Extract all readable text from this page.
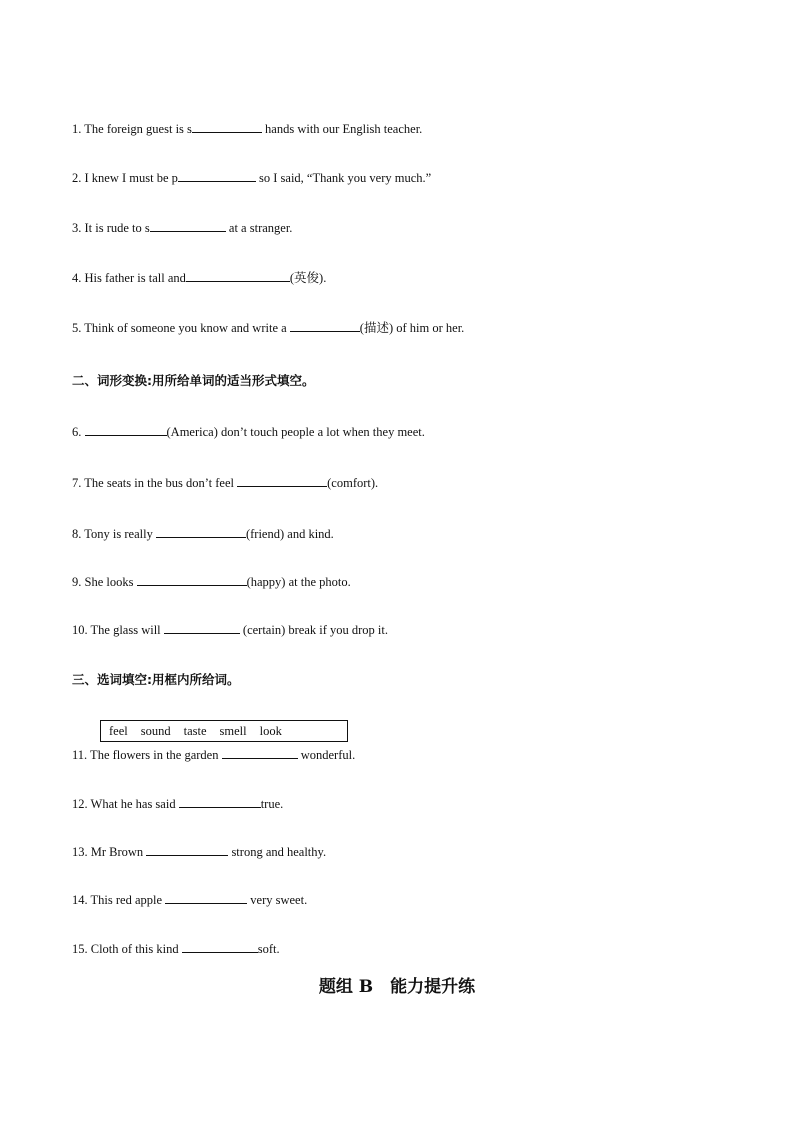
1. The foreign guest is s	hands with our English teacher.
2. I knew I must be p	so I said, “Thank you very much.”
3. It is rude to s	at a stranger.
4. His father is tall and	(英俊).
5. Think of someone you know and write a	(描述) of him or her.
二、词形变换:用所给单词的适当形式填空。
6.	(America) don’t touch people a lot when they meet.
7. The seats in the bus don’t feel	(comfort).
8. Tony is really	(friend) and kind.
9. She looks	(happy) at the photo.
10. The glass will	(certain) break if you drop it.
三、选词填空:用框内所给词。
feel sound taste smell look
11. The flowers in the garden	wonderful.
12. What he has said	true.
13. Mr Brown	strong and healthy.
14. This red apple	very sweet.
15. Cloth of this kind	soft.
题组 B　能力提升练
